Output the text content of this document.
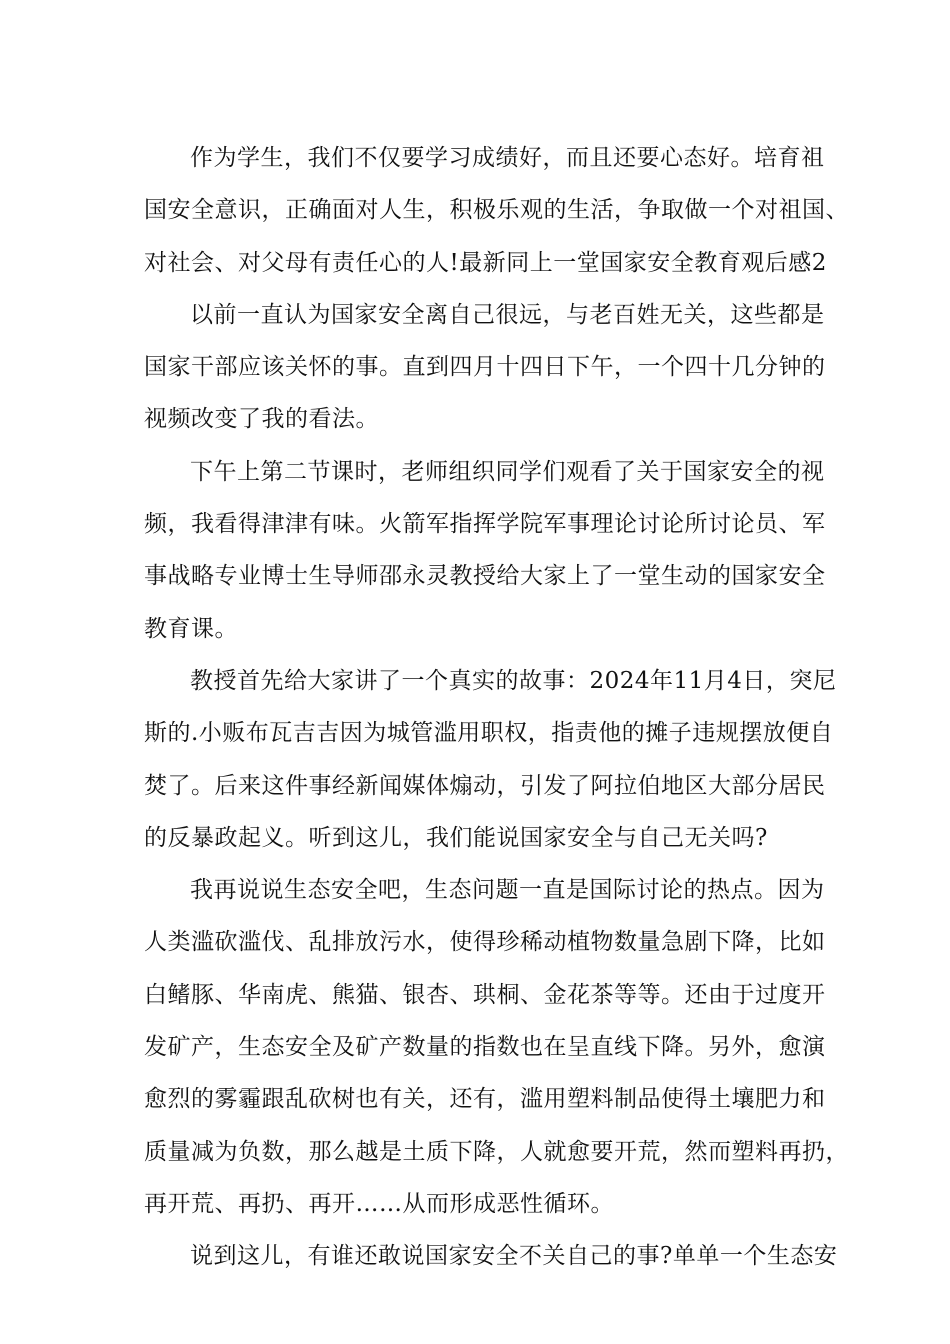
作为学生，我们不仅要学习成绩好，而且还要心态好。培育祖
国安全意识，正确面对人生，积极乐观的生活，争取做一个对祖国、
对社会、对父母有责任心的人!最新同上一堂国家安全教育观后感2
以前一直认为国家安全离自己很远，与老百姓无关，这些都是
国家干部应该关怀的事。直到四月十四日下午，一个四十几分钟的
视频改变了我的看法。
下午上第二节课时，老师组织同学们观看了关于国家安全的视
频，我看得津津有味。火箭军指挥学院军事理论讨论所讨论员、军
事战略专业博士生导师邵永灵教授给大家上了一堂生动的国家安全
教育课。
教授首先给大家讲了一个真实的故事：2024年11月4日，突尼
斯的.小贩布瓦吉吉因为城管滥用职权，指责他的摊子违规摆放便自
焚了。后来这件事经新闻媒体煽动，引发了阿拉伯地区大部分居民
的反暴政起义。听到这儿，我们能说国家安全与自己无关吗?
我再说说生态安全吧，生态问题一直是国际讨论的热点。因为
人类滥砍滥伐、乱排放污水，使得珍稀动植物数量急剧下降，比如
白鳍豚、华南虎、熊猫、银杏、珙桐、金花茶等等。还由于过度开
发矿产，生态安全及矿产数量的指数也在呈直线下降。另外，愈演
愈烈的雾霾跟乱砍树也有关，还有，滥用塑料制品使得土壤肥力和
质量减为负数，那么越是土质下降，人就愈要开荒，然而塑料再扔，
再开荒、再扔、再开……从而形成恶性循环。
说到这儿，有谁还敢说国家安全不关自己的事?单单一个生态安
